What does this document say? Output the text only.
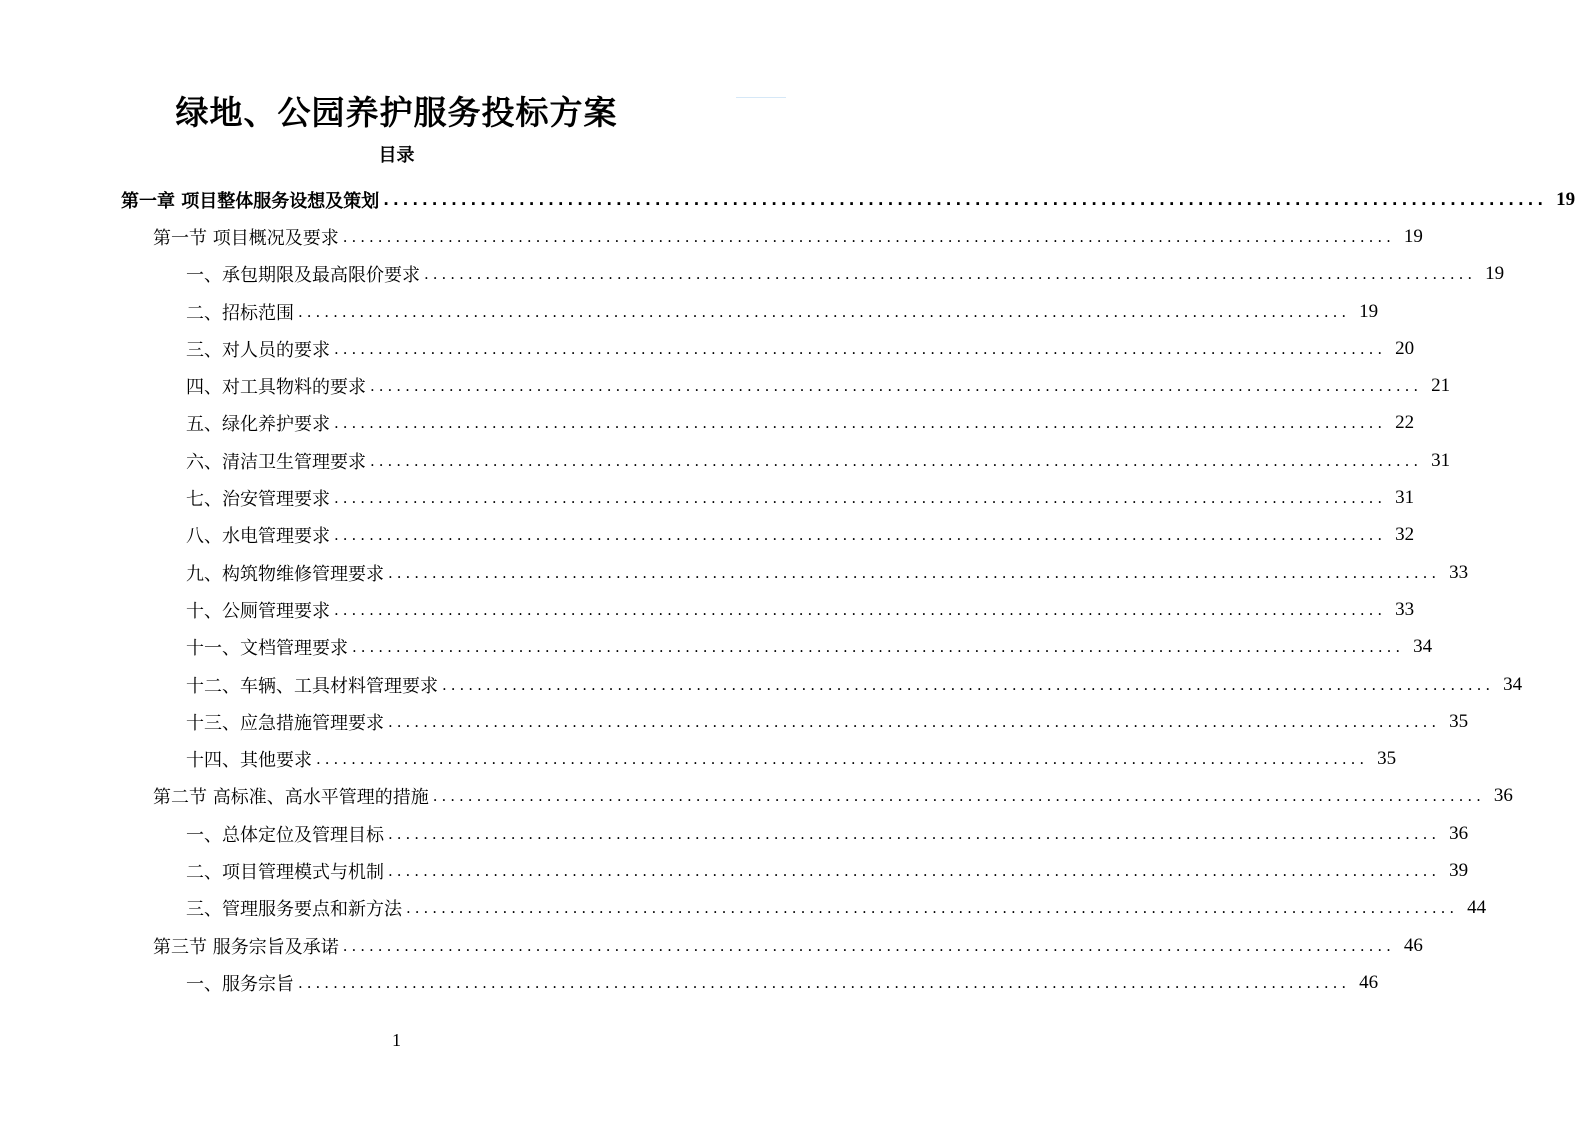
绿地、公园养护服务投标方案
目录
第一章 项目整体服务设想及策划 ........................................................................................................................ 19
第一节 项目概况及要求 ........................................................................................................................ 19
一、承包期限及最高限价要求 ........................................................................................................................ 19
二、招标范围 ........................................................................................................................ 19
三、对人员的要求 ........................................................................................................................ 20
四、对工具物料的要求 ........................................................................................................................ 21
五、绿化养护要求 ........................................................................................................................ 22
六、清洁卫生管理要求 ........................................................................................................................ 31
七、治安管理要求 ........................................................................................................................ 31
八、水电管理要求 ........................................................................................................................ 32
九、构筑物维修管理要求 ........................................................................................................................ 33
十、公厕管理要求 ........................................................................................................................ 33
十一、文档管理要求 ........................................................................................................................ 34
十二、车辆、工具材料管理要求 ........................................................................................................................ 34
十三、应急措施管理要求 ........................................................................................................................ 35
十四、其他要求 ........................................................................................................................ 35
第二节 高标准、高水平管理的措施 ........................................................................................................................ 36
一、总体定位及管理目标 ........................................................................................................................ 36
二、项目管理模式与机制 ........................................................................................................................ 39
三、管理服务要点和新方法 ........................................................................................................................ 44
第三节 服务宗旨及承诺 ........................................................................................................................ 46
一、服务宗旨 ........................................................................................................................ 46
1
